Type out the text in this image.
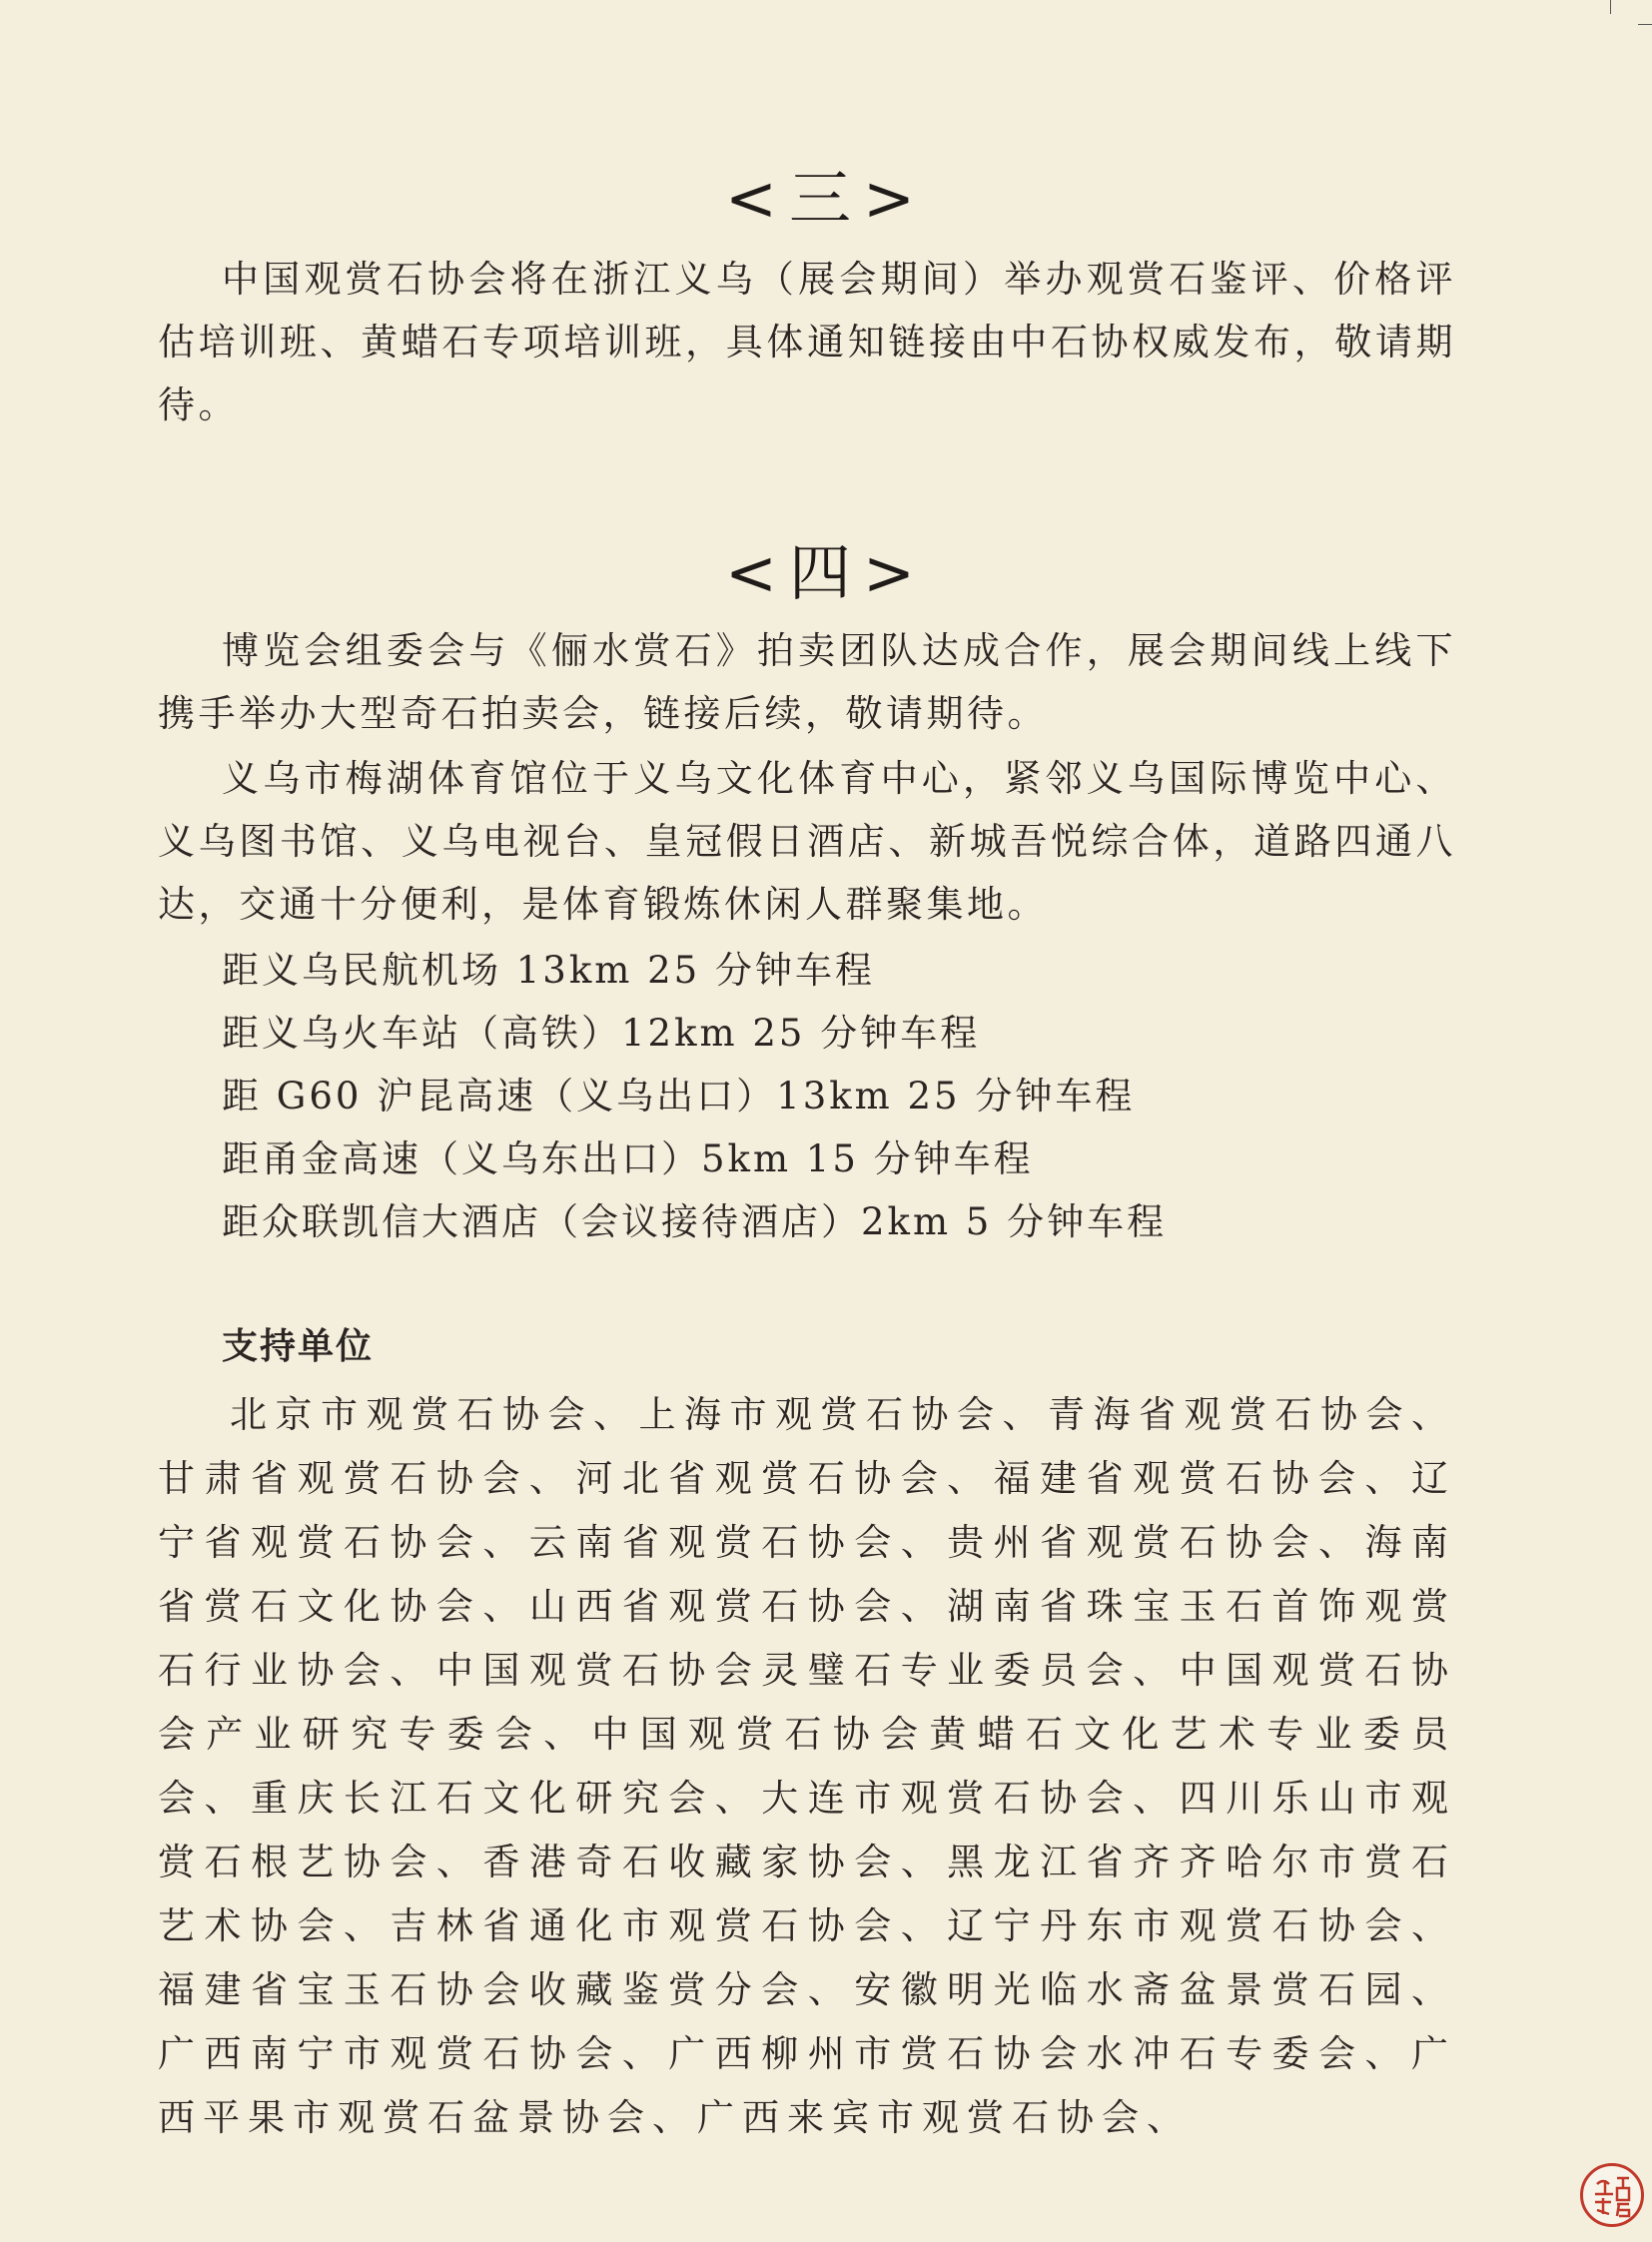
<三>

中国观赏石协会将在浙江义乌（展会期间）举办观赏石鉴评、价格评估培训班、黄蜡石专项培训班，具体通知链接由中石协权威发布，敬请期待。

<四>

博览会组委会与《俪水赏石》拍卖团队达成合作，展会期间线上线下携手举办大型奇石拍卖会，链接后续，敬请期待。

义乌市梅湖体育馆位于义乌文化体育中心，紧邻义乌国际博览中心、义乌图书馆、义乌电视台、皇冠假日酒店、新城吾悦综合体，道路四通八达，交通十分便利，是体育锻炼休闲人群聚集地。

距义乌民航机场 13km 25 分钟车程
距义乌火车站（高铁）12km 25 分钟车程
距 G60 沪昆高速（义乌出口）13km 25 分钟车程
距甬金高速（义乌东出口）5km 15 分钟车程
距众联凯信大酒店（会议接待酒店）2km 5 分钟车程
支持单位

北京市观赏石协会、上海市观赏石协会、青海省观赏石协会、甘肃省观赏石协会、河北省观赏石协会、福建省观赏石协会、辽宁省观赏石协会、云南省观赏石协会、贵州省观赏石协会、海南省赏石文化协会、山西省观赏石协会、湖南省珠宝玉石首饰观赏石行业协会、中国观赏石协会灵璧石专业委员会、中国观赏石协会产业研究专委会、中国观赏石协会黄蜡石文化艺术专业委员会、重庆长江石文化研究会、大连市观赏石协会、四川乐山市观赏石根艺协会、香港奇石收藏家协会、黑龙江省齐齐哈尔市赏石艺术协会、吉林省通化市观赏石协会、辽宁丹东市观赏石协会、福建省宝玉石协会收藏鉴赏分会、安徽明光临水斋盆景赏石园、广西南宁市观赏石协会、广西柳州市赏石协会水冲石专委会、广西平果市观赏石盆景协会、广西来宾市观赏石协会、
